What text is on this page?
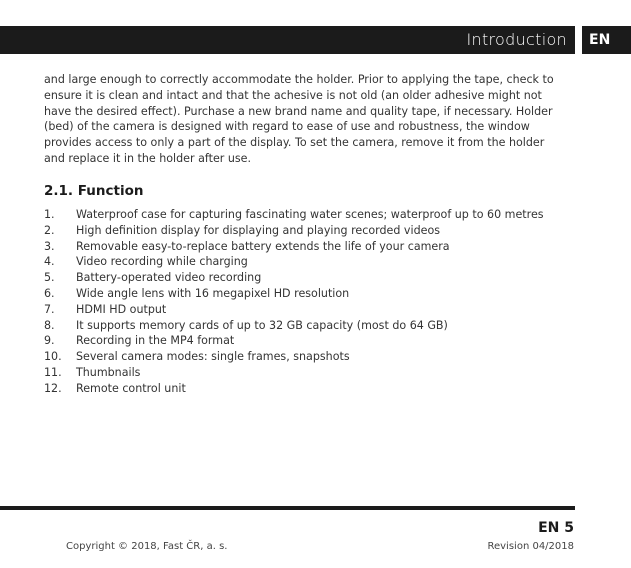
Introduction	EN

and large enough to correctly accommodate the holder. Prior to applying the tape, check to ensure it is clean and intact and that the achesive is not old (an older adhesive might not have the desired effect). Purchase a new brand name and quality tape, if necessary. Holder (bed) of the camera is designed with regard to ease of use and robustness, the window provides access to only a part of the display. To set the camera, remove it from the holder and replace it in the holder after use.

2.1. Function
1.	Waterproof case for capturing fascinating water scenes; waterproof up to 60 metres
2.	High definition display for displaying and playing recorded videos
3.	Removable easy-to-replace battery extends the life of your camera
4.	Video recording while charging
5.	Battery-operated video recording
6.	Wide angle lens with 16 megapixel HD resolution
7.	HDMI HD output
8.	It supports memory cards of up to 32 GB capacity (most do 64 GB)
9.	Recording in the MP4 format
10.	Several camera modes: single frames, snapshots
11.	Thumbnails
12.	Remote control unit
EN 5
Copyright © 2018, Fast ČR, a. s.	Revision 04/2018
